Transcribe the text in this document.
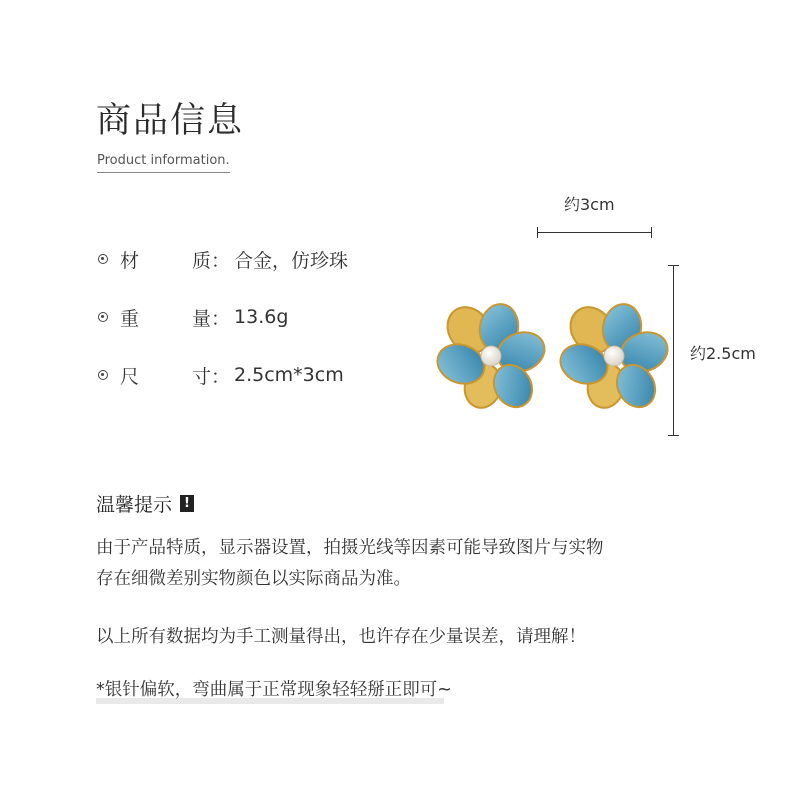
商品信息
Product information.
材	质 ： 合金，仿珍珠
重	量 ： 13.6g
尺	寸 ： 2.5cm*3cm
约3cm
约2.5cm
温馨提示 !
由于产品特质，显示器设置，拍摄光线等因素可能导致图片与实物
存在细微差别实物颜色以实际商品为准。
以上所有数据均为手工测量得出，也许存在少量误差，请理解！
*银针偏软，弯曲属于正常现象轻轻掰正即可~
